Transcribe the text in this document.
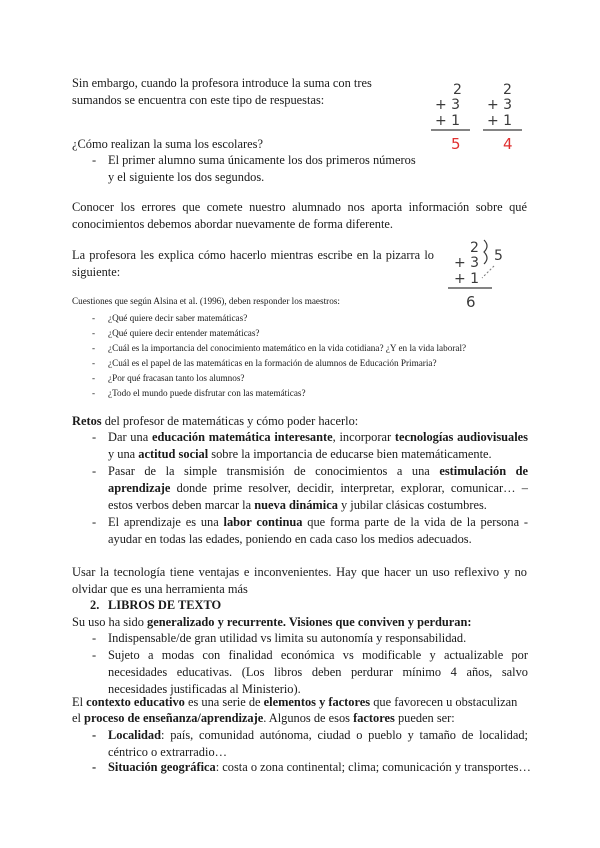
Sin embargo, cuando la profesora introduce la suma con tres sumandos se encuentra con este tipo de respuestas:
2
+ 3
+ 1
5
2
+ 3
+ 1
4
¿Cómo realizan la suma los escolares?
- El primer alumno suma únicamente los dos primeros números y el siguiente los dos segundos.
Conocer los errores que comete nuestro alumnado nos aporta información sobre qué conocimientos debemos abordar nuevamente de forma diferente.
La profesora les explica cómo hacerlo mientras escribe en la pizarra lo siguiente:
2
+ 3
+ 1
5
6
Cuestiones que según Alsina et al. (1996), deben responder los maestros:
- ¿Qué quiere decir saber matemáticas?
- ¿Qué quiere decir entender matemáticas?
- ¿Cuál es la importancia del conocimiento matemático en la vida cotidiana? ¿Y en la vida laboral?
- ¿Cuál es el papel de las matemáticas en la formación de alumnos de Educación Primaria?
- ¿Por qué fracasan tanto los alumnos?
- ¿Todo el mundo puede disfrutar con las matemáticas?
Retos del profesor de matemáticas y cómo poder hacerlo:
- Dar una educación matemática interesante, incorporar tecnologías audiovisuales y una actitud social sobre la importancia de educarse bien matemáticamente.
- Pasar de la simple transmisión de conocimientos a una estimulación de aprendizaje donde prime resolver, decidir, interpretar, explorar, comunicar… – estos verbos deben marcar la nueva dinámica y jubilar clásicas costumbres.
- El aprendizaje es una labor continua que forma parte de la vida de la persona - ayudar en todas las edades, poniendo en cada caso los medios adecuados.
Usar la tecnología tiene ventajas e inconvenientes. Hay que hacer un uso reflexivo y no olvidar que es una herramienta más
2. LIBROS DE TEXTO
Su uso ha sido generalizado y recurrente. Visiones que conviven y perduran:
- Indispensable/de gran utilidad vs limita su autonomía y responsabilidad.
- Sujeto a modas con finalidad económica vs modificable y actualizable por necesidades educativas. (Los libros deben perdurar mínimo 4 años, salvo necesidades justificadas al Ministerio).
El contexto educativo es una serie de elementos y factores que favorecen u obstaculizan
el proceso de enseñanza/aprendizaje. Algunos de esos factores pueden ser:
- Localidad: país, comunidad autónoma, ciudad o pueblo y tamaño de localidad; céntrico o extrarradio…
- Situación geográfica: costa o zona continental; clima; comunicación y transportes…
